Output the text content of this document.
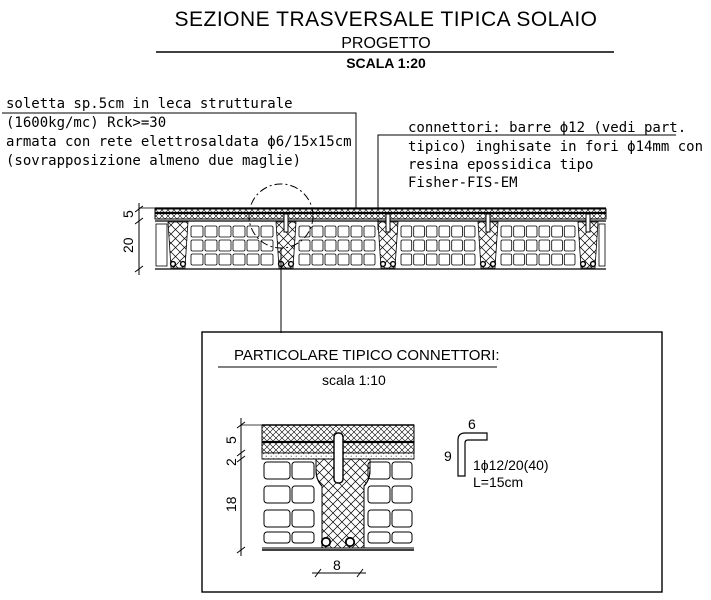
SEZIONE TRASVERSALE TIPICA SOLAIO
PROGETTO
SCALA 1:20
soletta sp.5cm in leca strutturale
(1600kg/mc) Rck>=30
armata con rete elettrosaldata ϕ6/15x15cm
(sovrapposizione almeno due maglie)
connettori: barre ϕ12 (vedi part.
tipico) inghisate in fori ϕ14mm con
resina epossidica tipo
Fisher-FIS-EM
5
20
PARTICOLARE TIPICO CONNETTORI:
scala 1:10
5
2
18
8
6
9
1ϕ12/20(40)
L=15cm
